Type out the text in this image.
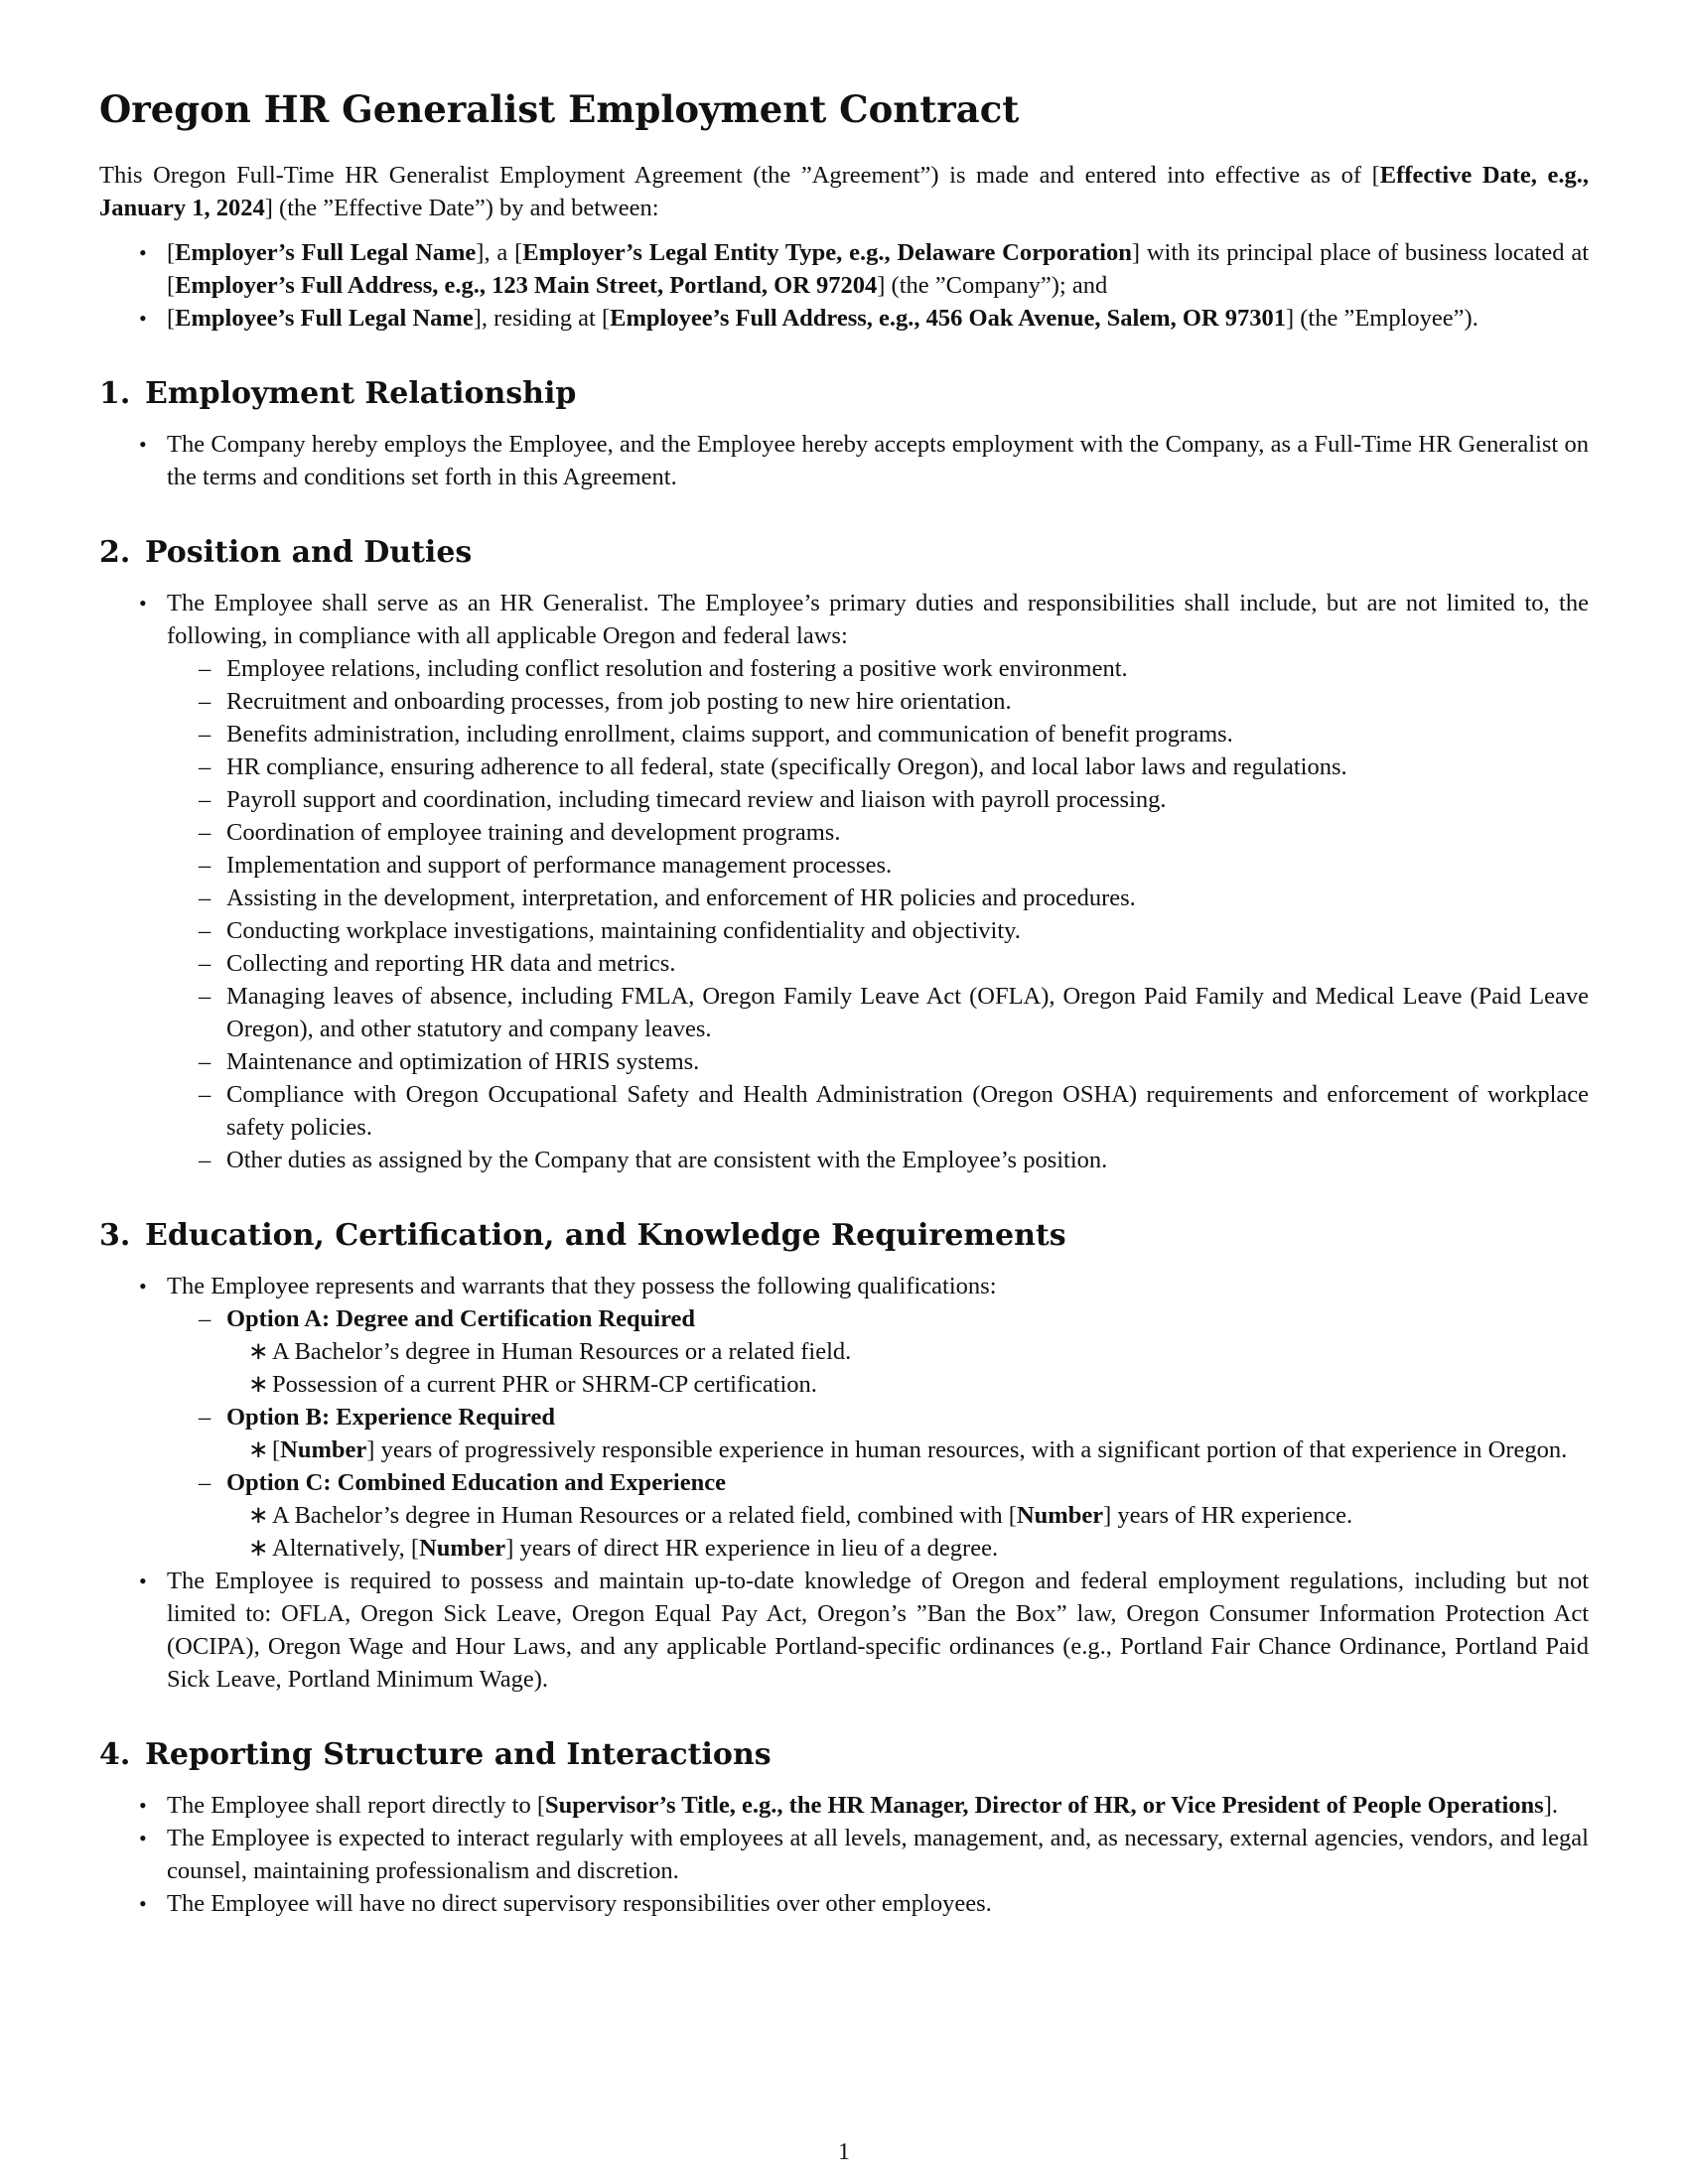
Oregon HR Generalist Employment Contract

This Oregon Full-Time HR Generalist Employment Agreement (the ”Agreement”) is made and entered into effective as of [Effective Date, e.g., January 1, 2024] (the ”Effective Date”) by and between:

• [Employer’s Full Legal Name], a [Employer’s Legal Entity Type, e.g., Delaware Corporation] with its principal place of business located at [Employer’s Full Address, e.g., 123 Main Street, Portland, OR 97204] (the ”Company”); and
• [Employee’s Full Legal Name], residing at [Employee’s Full Address, e.g., 456 Oak Avenue, Salem, OR 97301] (the ”Employee”).
1. Employment Relationship
• The Company hereby employs the Employee, and the Employee hereby accepts employment with the Company, as a Full-Time HR Generalist on the terms and conditions set forth in this Agreement.
2. Position and Duties
• The Employee shall serve as an HR Generalist. The Employee’s primary duties and responsibilities shall include, but are not limited to, the following, in compliance with all applicable Oregon and federal laws:
– Employee relations, including conflict resolution and fostering a positive work environment.
– Recruitment and onboarding processes, from job posting to new hire orientation.
– Benefits administration, including enrollment, claims support, and communication of benefit programs.
– HR compliance, ensuring adherence to all federal, state (specifically Oregon), and local labor laws and regulations.
– Payroll support and coordination, including timecard review and liaison with payroll processing.
– Coordination of employee training and development programs.
– Implementation and support of performance management processes.
– Assisting in the development, interpretation, and enforcement of HR policies and procedures.
– Conducting workplace investigations, maintaining confidentiality and objectivity.
– Collecting and reporting HR data and metrics.
– Managing leaves of absence, including FMLA, Oregon Family Leave Act (OFLA), Oregon Paid Family and Medical Leave (Paid Leave Oregon), and other statutory and company leaves.
– Maintenance and optimization of HRIS systems.
– Compliance with Oregon Occupational Safety and Health Administration (Oregon OSHA) requirements and enforcement of workplace safety policies.
– Other duties as assigned by the Company that are consistent with the Employee’s position.
3. Education, Certification, and Knowledge Requirements
• The Employee represents and warrants that they possess the following qualifications:
– Option A: Degree and Certification Required
∗ A Bachelor’s degree in Human Resources or a related field.
∗ Possession of a current PHR or SHRM-CP certification.
– Option B: Experience Required
∗ [Number] years of progressively responsible experience in human resources, with a significant portion of that experience in Oregon.
– Option C: Combined Education and Experience
∗ A Bachelor’s degree in Human Resources or a related field, combined with [Number] years of HR experience.
∗ Alternatively, [Number] years of direct HR experience in lieu of a degree.
• The Employee is required to possess and maintain up-to-date knowledge of Oregon and federal employment regulations, including but not limited to: OFLA, Oregon Sick Leave, Oregon Equal Pay Act, Oregon’s ”Ban the Box” law, Oregon Consumer Information Protection Act (OCIPA), Oregon Wage and Hour Laws, and any applicable Portland-specific ordinances (e.g., Portland Fair Chance Ordinance, Portland Paid Sick Leave, Portland Minimum Wage).
4. Reporting Structure and Interactions
• The Employee shall report directly to [Supervisor’s Title, e.g., the HR Manager, Director of HR, or Vice President of People Operations].
• The Employee is expected to interact regularly with employees at all levels, management, and, as necessary, external agencies, vendors, and legal counsel, maintaining professionalism and discretion.
• The Employee will have no direct supervisory responsibilities over other employees.
1
